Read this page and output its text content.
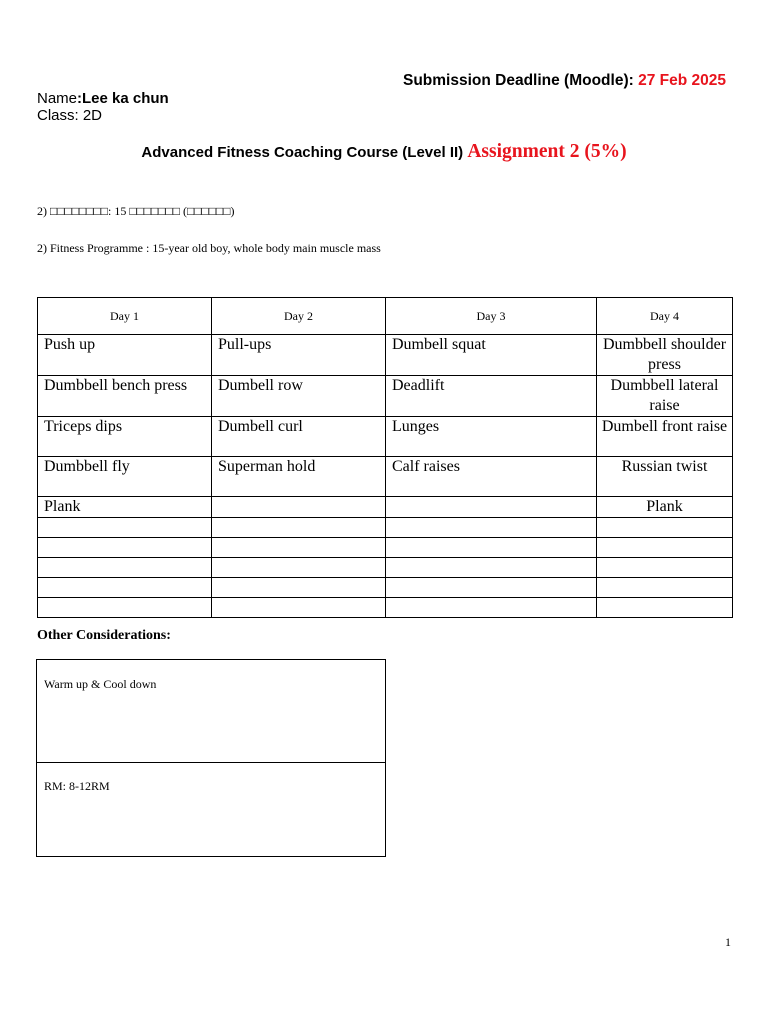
Submission Deadline (Moodle): 27 Feb 2025
Name:Lee ka chun
Class: 2D
Advanced Fitness Coaching Course (Level II) Assignment 2 (5%)
2) □□□□□□□□: 15 □□□□□□□ (□□□□□□)
2) Fitness Programme : 15-year old boy, whole body main muscle mass
Day 1	Day 2	Day 3	Day 4
Push up	Pull-ups	Dumbell squat	Dumbbell shoulder press
Dumbbell bench press	Dumbell row	Deadlift	Dumbbell lateral raise
Triceps dips	Dumbell curl	Lunges	Dumbell front raise
Dumbbell fly	Superman hold	Calf raises	Russian twist
Plank			Plank

Other Considerations:
Warm up & Cool down
RM: 8-12RM
1
